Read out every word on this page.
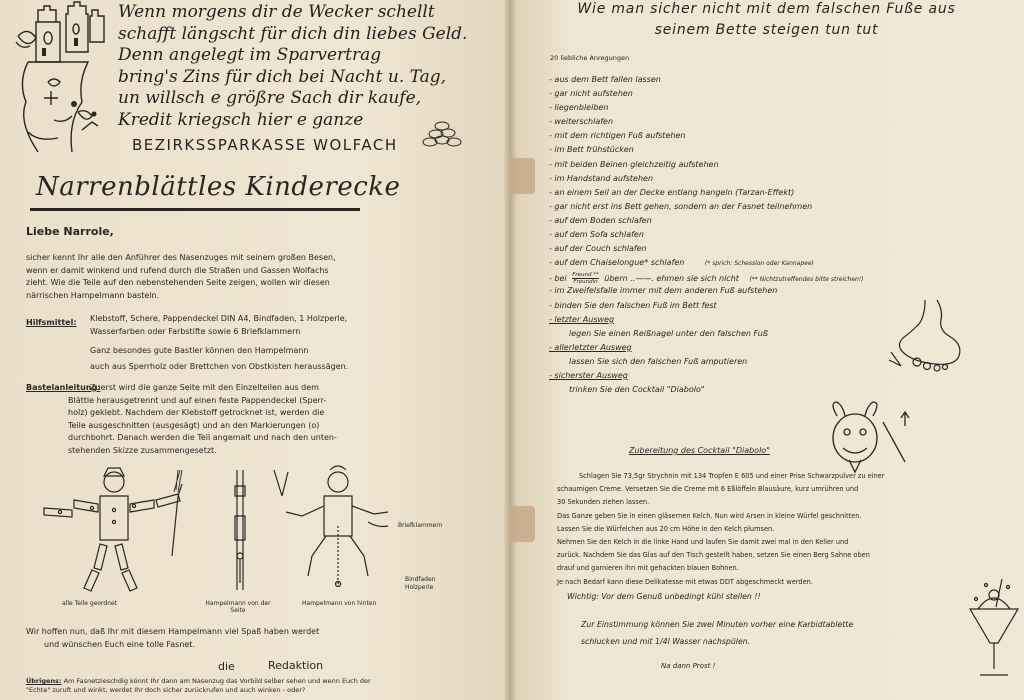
Wenn morgens dir de Wecker schellt
schafft längscht für dich din liebes Geld.
Denn angelegt im Sparvertrag
bring's Zins für dich bei Nacht u. Tag,
un willsch e größre Sach dir kaufe,
Kredit kriegsch hier e ganze
BEZIRKSSPARKASSE WOLFACH
Narrenblättles Kinderecke
Liebe Narrole,
sicher kennt Ihr alle den Anführer des Nasenzuges mit seinem großen Besen,
wenn er damit winkend und rufend durch die Straßen und Gassen Wolfachs
zieht. Wie die Teile auf den nebenstehenden Seite zeigen, wollen wir diesen
närrischen Hampelmann basteln.
Hilfsmittel: Klebstoff, Schere, Pappendeckel DIN A4, Bindfaden, 1 Holzperle,
Wasserfarben oder Farbstifte sowie 6 Briefklammern
Ganz besondes gute Bastler können den Hampelmann
auch aus Sperrholz oder Brettchen von Obstkisten heraussägen.
Bastelanleitung:
Zuerst wird die ganze Seite mit den Einzelteilen aus dem
Blättle herausgetrennt und auf einen feste Pappendeckel (Sperr-
holz) geklebt. Nachdem der Klebstoff getrocknet ist, werden die
Teile ausgeschnitten (ausgesägt) und an den Markierungen (o)
durchbohrt. Danach werden die Teil angemalt und nach den unten-
stehenden Skizze zusammengesetzt.
Briefklammern
Bindfaden
Holzperle
alle Teile geordnet	Hampelmann von der Seite
Hampelmann von hinten
Wir hoffen nun, daß Ihr mit diesem Hampelmann viel Spaß haben werdet
und wünschen Euch eine tolle Fasnet.
die	Redaktion
Übrigens: Am Fasnetzieschdig könnt Ihr dann am Nasenzug das Vorbild selber sehen und wenn Euch der
"Echte" zuruft und winkt, werdet Ihr doch sicher zurückrufen und auch winken - oder?
Wie man sicher nicht mit dem falschen Fuße aus
seinem Bette steigen tun tut
20 liebliche Anregungen
- aus dem Bett fallen lassen
- gar nicht aufstehen
- liegenbleiben
- weiterschlafen
- mit dem richtigen Fuß aufstehen
- im Bett frühstücken
- mit beiden Beinen gleichzeitig aufstehen
- im Handstand aufstehen
- an einem Seil an der Decke entlang hangeln (Tarzan-Effekt)
- gar nicht erst ins Bett gehen, sondern an der Fasnet teilnehmen
- auf dem Boden schlafen
- auf dem Sofa schlafen
- auf der Couch schlafen
- auf dem Chaiselongue* schlafen	(* sprich: Schesslon oder Kannapee)
- bei Freund **
Freundin übern ..——. ehmen sie sich nicht (** Nichtzutreffendes bitte streichen!)
- im Zweifelsfalle immer mit dem anderen Fuß aufstehen
- binden Sie den falschen Fuß im Bett fest
- letzter Ausweg
legen Sie einen Reißnagel unter den falschen Fuß
- allerletzter Ausweg
lassen Sie sich den falschen Fuß amputieren
- sicherster Ausweg
trinken Sie den Cocktail "Diabolo"
Zubereitung des Cocktail "Diabolo"
Schlagen Sie 73,5gr Strychnin mit 134 Tropfen E 605 und einer Prise Schwarzpulver zu einer
schaumigen Creme. Versetzen Sie die Creme mit 6 Eßlöffeln Blausäure, kurz umrühren und
30 Sekunden ziehen lassen.
Das Ganze geben Sie in einen gläsernen Kelch. Nun wird Arsen in kleine Würfel geschnitten.
Lassen Sie die Würfelchen aus 20 cm Höhe in den Kelch plumsen.
Nehmen Sie den Kelch in die linke Hand und laufen Sie damit zwei mal in den Keller und
zurück. Nachdem Sie das Glas auf den Tisch gestellt haben, setzen Sie einen Berg Sahne oben
drauf und garnieren ihn mit gehackten blauen Bohnen.
Je nach Bedarf kann diese Delikatesse mit etwas DDT abgeschmeckt werden.
Wichtig: Vor dem Genuß unbedingt kühl stellen !!
Zur Einstimmung können Sie zwei Minuten vorher eine Karbidtablette
schlucken und mit 1/4l Wasser nachspülen.
Na dann Prost !
